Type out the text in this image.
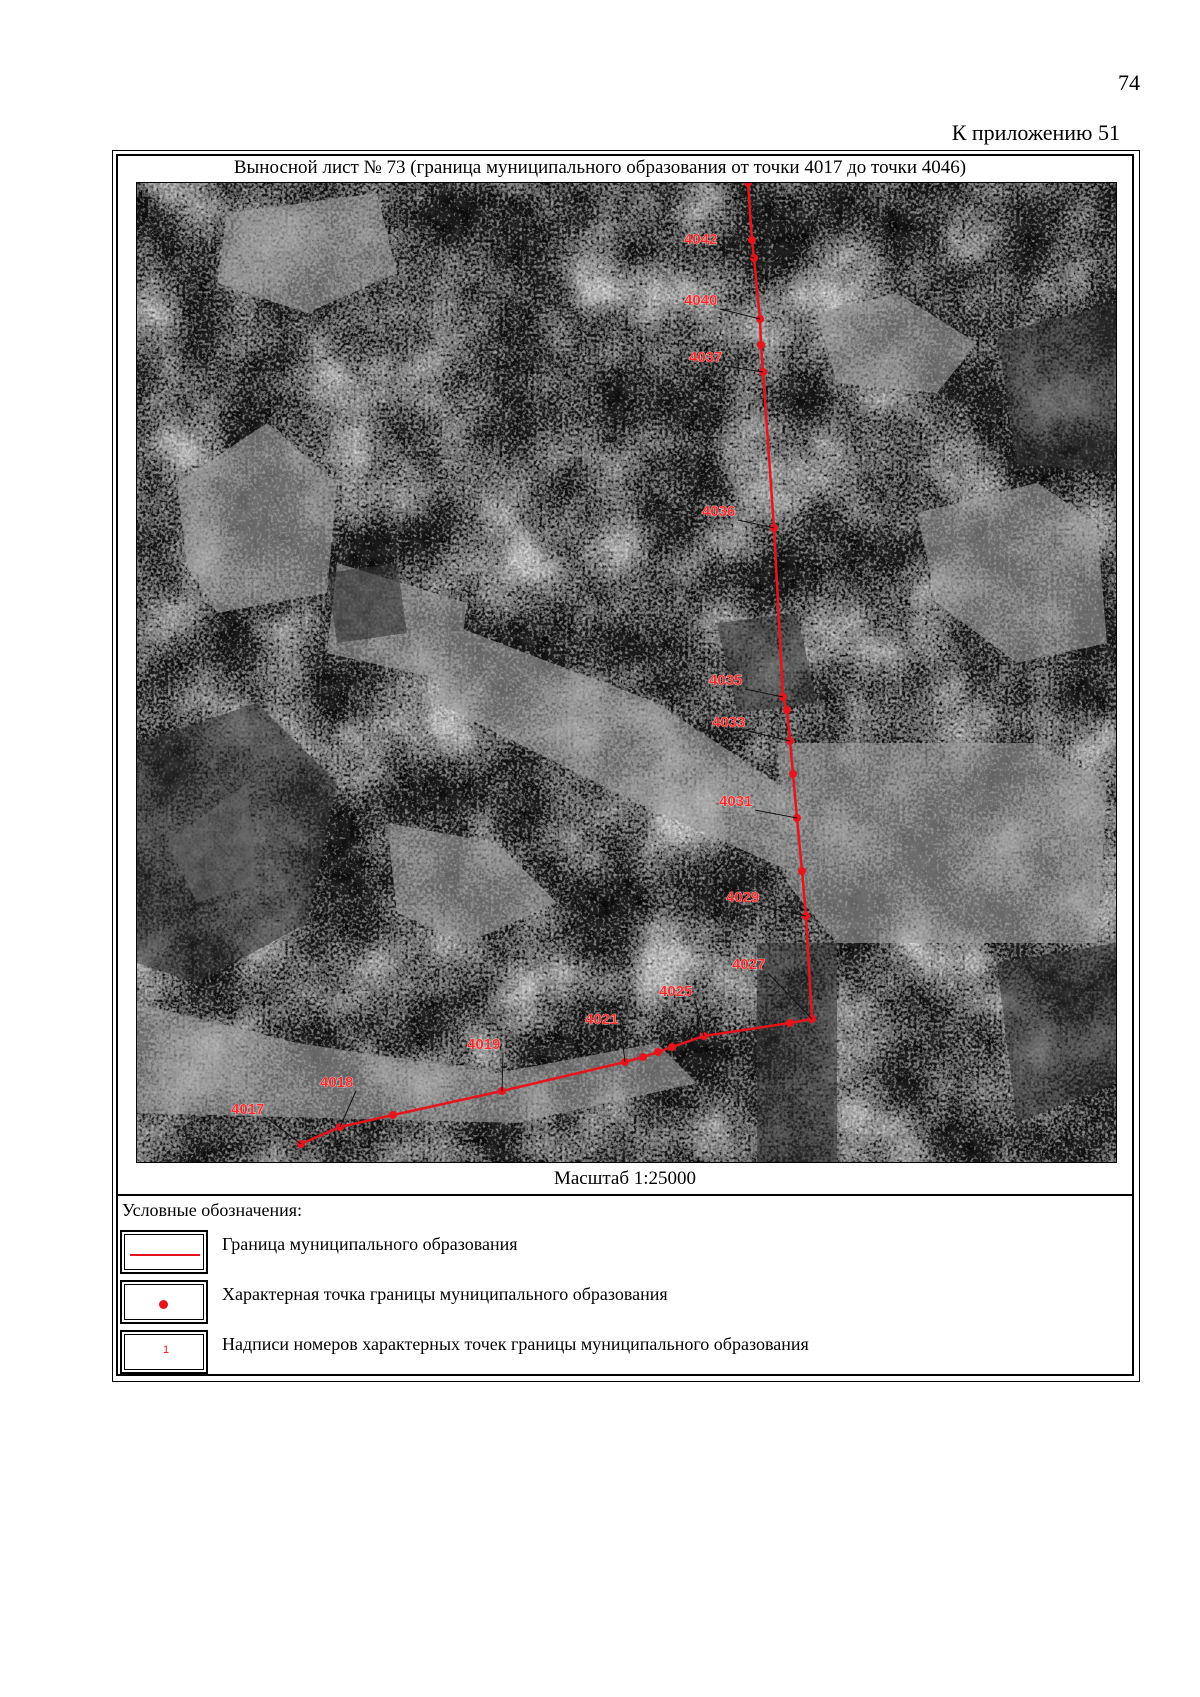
74
К приложению 51
Выносной лист № 73 (граница муниципального образования от точки 4017 до точки 4046)
4017
4018
4019
4021
4025
4027
4029
4031
4033
4035
4036
4037
4040
4042
Масштаб 1:25000
Условные обозначения:
Граница муниципального образования
Характерная точка границы муниципального образования
1	Надписи номеров характерных точек границы муниципального образования
